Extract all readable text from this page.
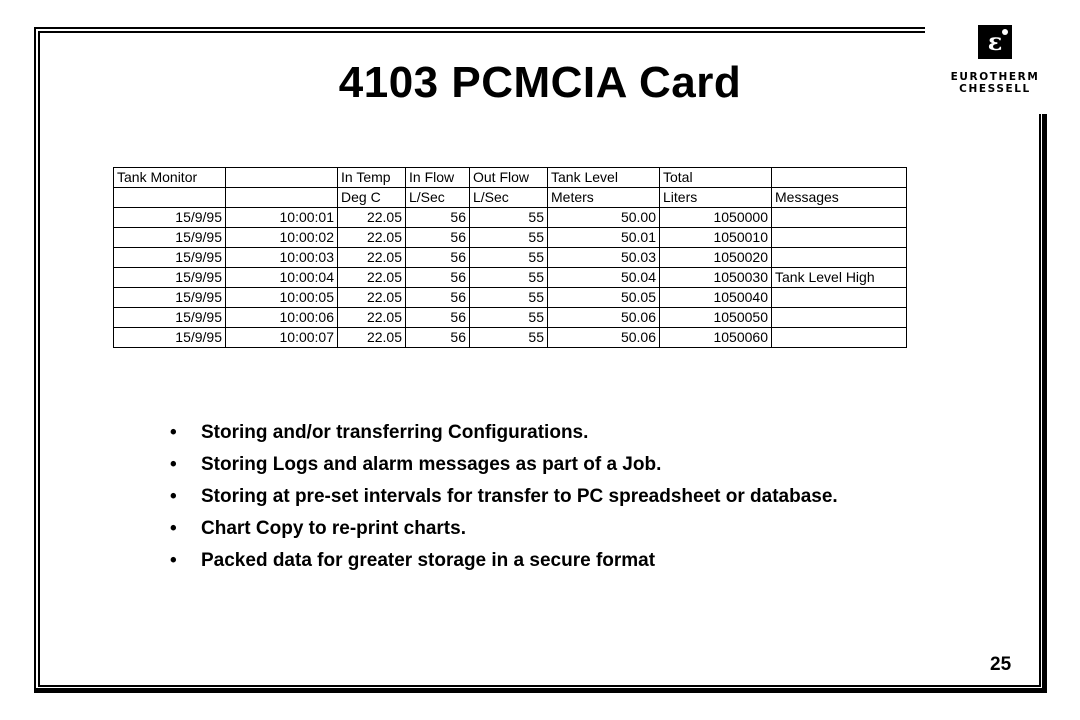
ε
EUROTHERM
CHESSELL
4103 PCMCIA Card
Tank Monitor		In Temp	In Flow	Out Flow	Tank Level	Total	
		Deg C	L/Sec	L/Sec	Meters	Liters	Messages
15/9/95	10:00:01	22.05	56	55	50.00	1050000	
15/9/95	10:00:02	22.05	56	55	50.01	1050010	
15/9/95	10:00:03	22.05	56	55	50.03	1050020	
15/9/95	10:00:04	22.05	56	55	50.04	1050030	Tank Level High
15/9/95	10:00:05	22.05	56	55	50.05	1050040	
15/9/95	10:00:06	22.05	56	55	50.06	1050050	
15/9/95	10:00:07	22.05	56	55	50.06	1050060	
• Storing and/or transferring Configurations.
• Storing Logs and alarm messages as part of a Job.
• Storing at pre-set intervals for transfer to PC spreadsheet or database.
• Chart Copy to re-print charts.
• Packed data for greater storage in a secure format
25
